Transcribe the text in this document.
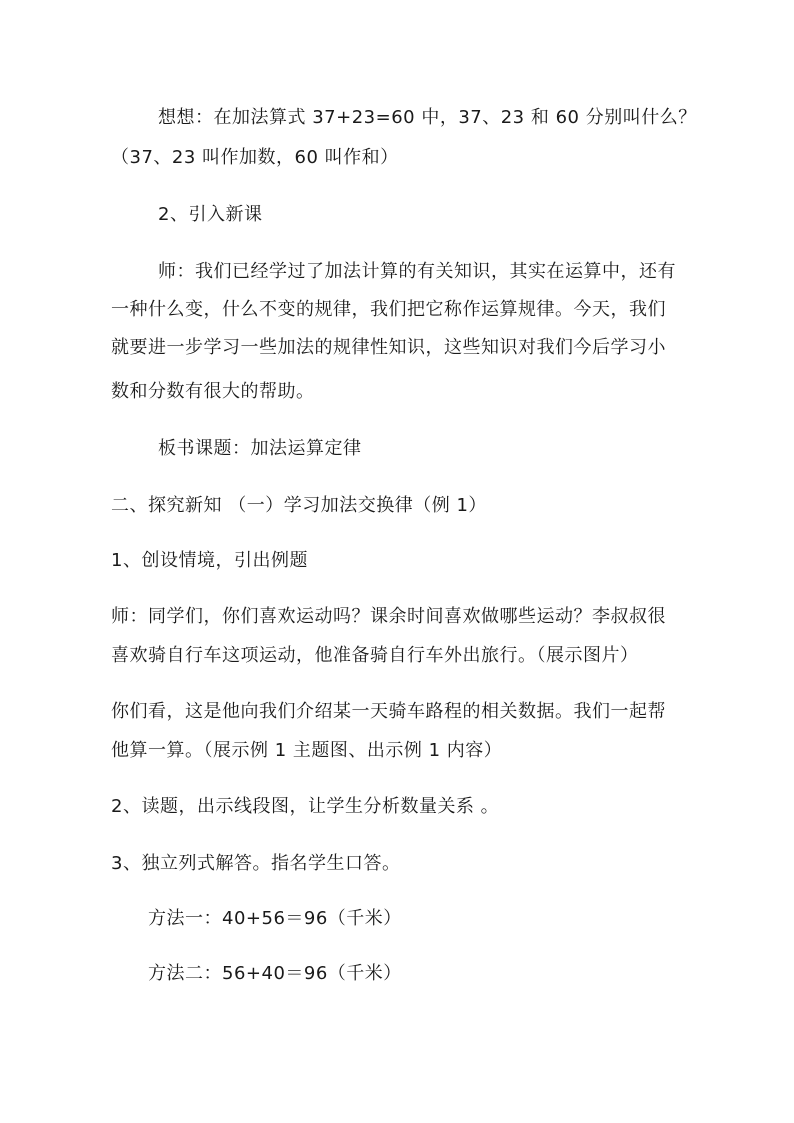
想想：在加法算式 37+23=60 中，37、23 和 60 分别叫什么？
（37、23 叫作加数，60 叫作和）
2、引入新课
师：我们已经学过了加法计算的有关知识，其实在运算中，还有
一种什么变，什么不变的规律，我们把它称作运算规律。今天，我们
就要进一步学习一些加法的规律性知识，这些知识对我们今后学习小
数和分数有很大的帮助。
板书课题：加法运算定律
二、探究新知 （一）学习加法交换律（例 1）
1、创设情境，引出例题
师：同学们，你们喜欢运动吗？课余时间喜欢做哪些运动？李叔叔很
喜欢骑自行车这项运动，他准备骑自行车外出旅行。（展示图片）
你们看，这是他向我们介绍某一天骑车路程的相关数据。我们一起帮
他算一算。（展示例 1 主题图、出示例 1 内容）
2、读题，出示线段图，让学生分析数量关系 。
3、独立列式解答。指名学生口答。
方法一：40+56＝96（千米）
方法二：56+40＝96（千米）
